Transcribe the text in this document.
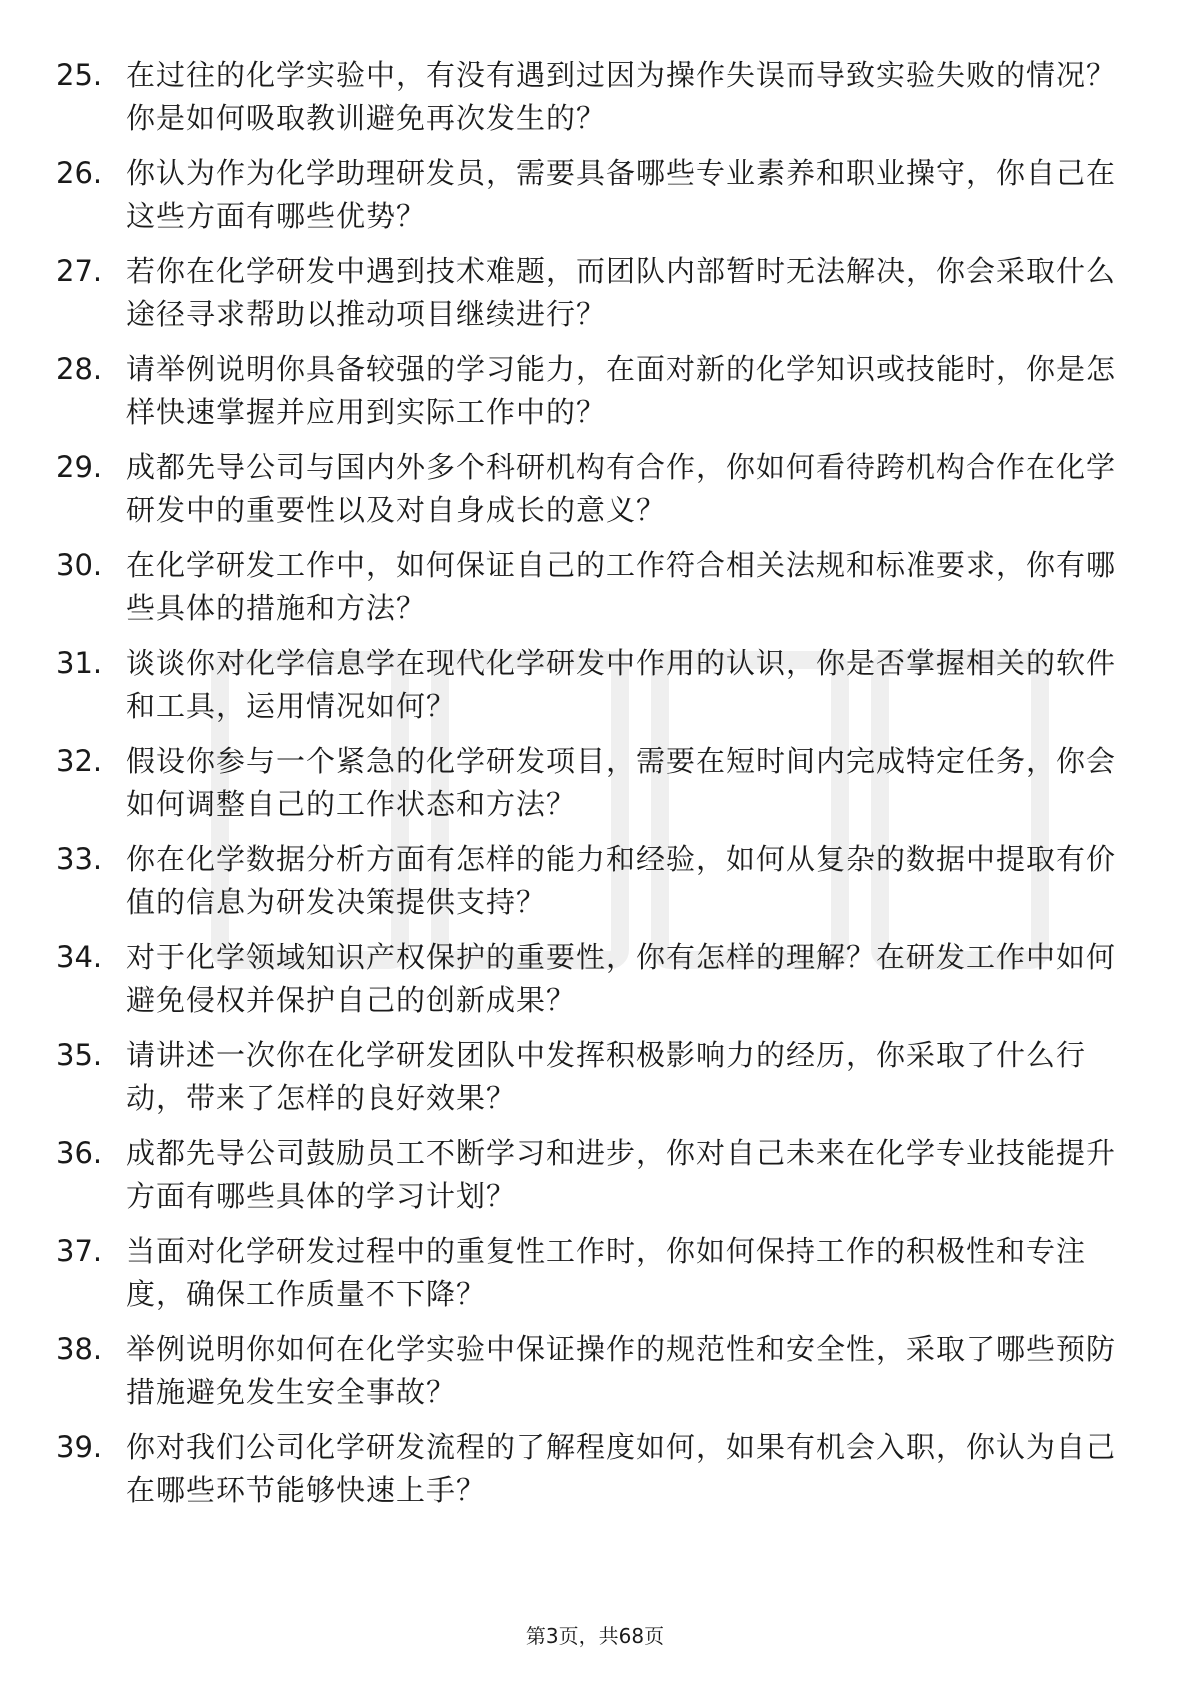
25. 在过往的化学实验中，有没有遇到过因为操作失误而导致实验失败的情况？你是如何吸取教训避免再次发生的？
26. 你认为作为化学助理研发员，需要具备哪些专业素养和职业操守，你自己在这些方面有哪些优势？
27. 若你在化学研发中遇到技术难题，而团队内部暂时无法解决，你会采取什么途径寻求帮助以推动项目继续进行？
28. 请举例说明你具备较强的学习能力，在面对新的化学知识或技能时，你是怎样快速掌握并应用到实际工作中的？
29. 成都先导公司与国内外多个科研机构有合作，你如何看待跨机构合作在化学研发中的重要性以及对自身成长的意义？
30. 在化学研发工作中，如何保证自己的工作符合相关法规和标准要求，你有哪些具体的措施和方法？
31. 谈谈你对化学信息学在现代化学研发中作用的认识，你是否掌握相关的软件和工具，运用情况如何？
32. 假设你参与一个紧急的化学研发项目，需要在短时间内完成特定任务，你会如何调整自己的工作状态和方法？
33. 你在化学数据分析方面有怎样的能力和经验，如何从复杂的数据中提取有价值的信息为研发决策提供支持？
34. 对于化学领域知识产权保护的重要性，你有怎样的理解？在研发工作中如何避免侵权并保护自己的创新成果？
35. 请讲述一次你在化学研发团队中发挥积极影响力的经历，你采取了什么行动，带来了怎样的良好效果？
36. 成都先导公司鼓励员工不断学习和进步，你对自己未来在化学专业技能提升方面有哪些具体的学习计划？
37. 当面对化学研发过程中的重复性工作时，你如何保持工作的积极性和专注度，确保工作质量不下降？
38. 举例说明你如何在化学实验中保证操作的规范性和安全性，采取了哪些预防措施避免发生安全事故？
39. 你对我们公司化学研发流程的了解程度如何，如果有机会入职，你认为自己在哪些环节能够快速上手？
第3页，共68页
